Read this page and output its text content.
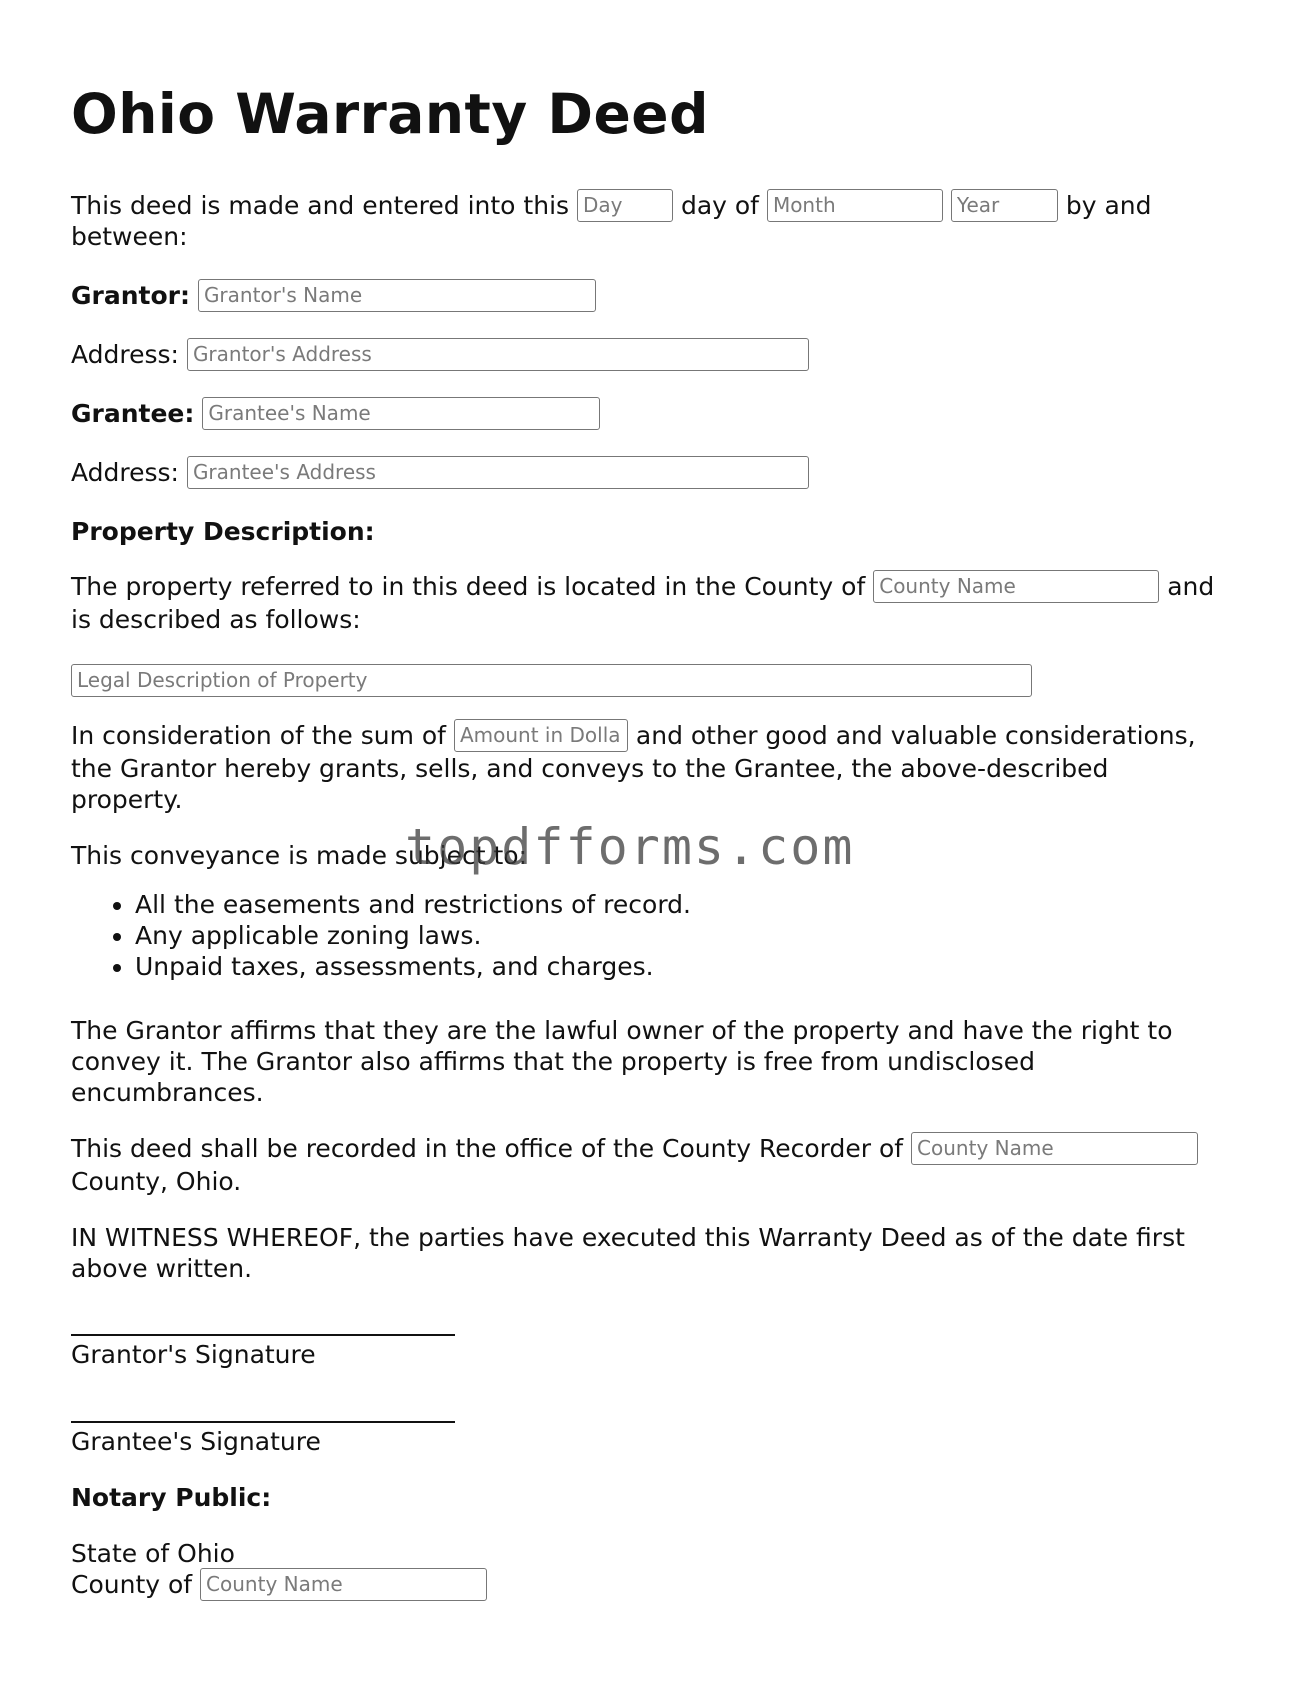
Ohio Warranty Deed
This deed is made and entered into this Day	day of Month Year	by and
between:
Grantor: Grantor's Name
Address: Grantor's Address
Grantee: Grantee's Name
Address: Grantee's Address
Property Description:
The property referred to in this deed is located in the County of County Name	and
is described as follows:
Legal Description of Property
In consideration of the sum of Amount in Dollars	and other good and valuable considerations,
the Grantor hereby grants, sells, and conveys to the Grantee, the above-described
property.
This conveyance is made subject to:
• All the easements and restrictions of record.
• Any applicable zoning laws.
• Unpaid taxes, assessments, and charges.
The Grantor affirms that they are the lawful owner of the property and have the right to
convey it. The Grantor also affirms that the property is free from undisclosed
encumbrances.
This deed shall be recorded in the office of the County Recorder of County Name
County, Ohio.
IN WITNESS WHEREOF, the parties have executed this Warranty Deed as of the date first
above written.
Grantor's Signature
Grantee's Signature
Notary Public:
State of Ohio
County of County Name
topdfforms.com
